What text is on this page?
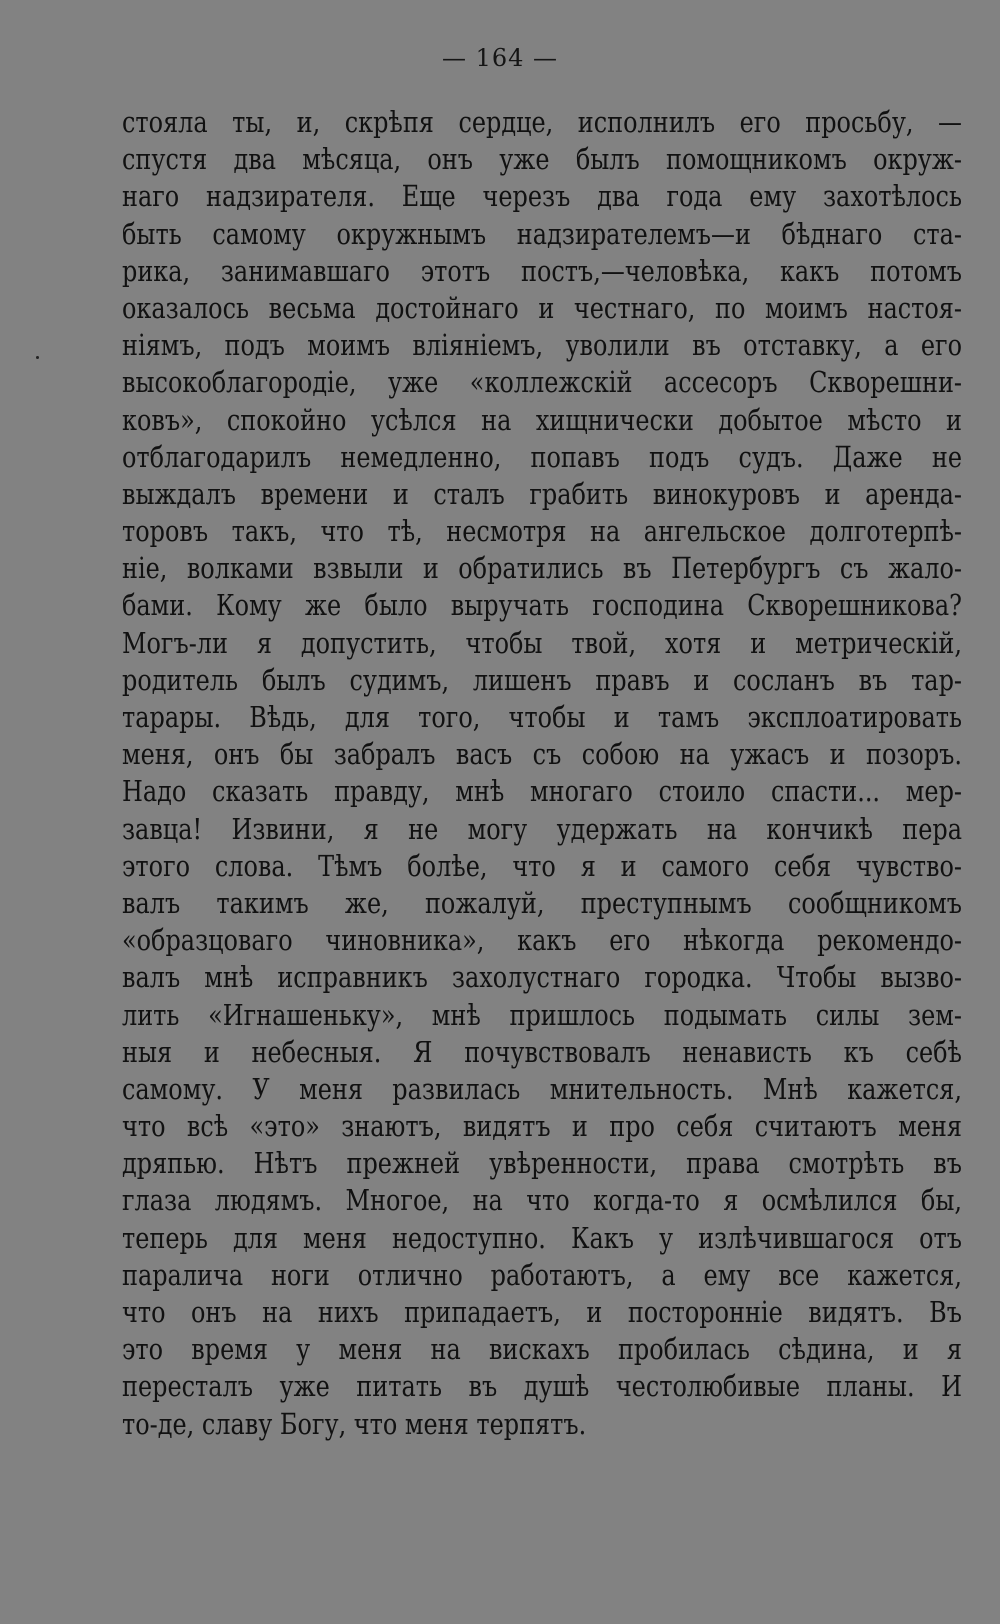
— 164 —
стояла ты, и, скрѣпя сердце, исполнилъ его просьбу, —
спустя два мѣсяца, онъ уже былъ помощникомъ окруж-
наго надзирателя. Еще черезъ два года ему захотѣлось
быть самому окружнымъ надзирателемъ—и бѣднаго ста-
рика, занимавшаго этотъ постъ,—человѣка, какъ потомъ
оказалось весьма достойнаго и честнаго, по моимъ настоя-
ніямъ, подъ моимъ вліяніемъ, уволили въ отставку, а его
высокоблагородіе, уже «коллежскій ассесоръ Скворешни-
ковъ», спокойно усѣлся на хищнически добытое мѣсто и
отблагодарилъ немедленно, попавъ подъ судъ. Даже не
выждалъ времени и сталъ грабить винокуровъ и аренда-
торовъ такъ, что тѣ, несмотря на ангельское долготерпѣ-
ніе, волками взвыли и обратились въ Петербургъ съ жало-
бами. Кому же было выручать господина Скворешникова?
Могъ-ли я допустить, чтобы твой, хотя и метрическій,
родитель былъ судимъ, лишенъ правъ и сосланъ въ тар-
тарары. Вѣдь, для того, чтобы и тамъ эксплоатировать
меня, онъ бы забралъ васъ съ собою на ужасъ и позоръ.
Надо сказать правду, мнѣ многаго стоило спасти... мер-
завца! Извини, я не могу удержать на кончикѣ пера
этого слова. Тѣмъ болѣе, что я и самого себя чувство-
валъ такимъ же, пожалуй, преступнымъ сообщникомъ
«образцоваго чиновника», какъ его нѣкогда рекомендо-
валъ мнѣ исправникъ захолустнаго городка. Чтобы вызво-
лить «Игнашеньку», мнѣ пришлось подымать силы зем-
ныя и небесныя. Я почувствовалъ ненависть къ себѣ
самому. У меня развилась мнительность. Мнѣ кажется,
что всѣ «это» знаютъ, видятъ и про себя считаютъ меня
дряпью. Нѣтъ прежней увѣренности, права смотрѣть въ
глаза людямъ. Многое, на что когда-то я осмѣлился бы,
теперь для меня недоступно. Какъ у излѣчившагося отъ
паралича ноги отлично работаютъ, а ему все кажется,
что онъ на нихъ припадаетъ, и посторонніе видятъ. Въ
это время у меня на вискахъ пробилась сѣдина, и я
пересталъ уже питать въ душѣ честолюбивые планы. И
то-де, славу Богу, что меня терпятъ.
